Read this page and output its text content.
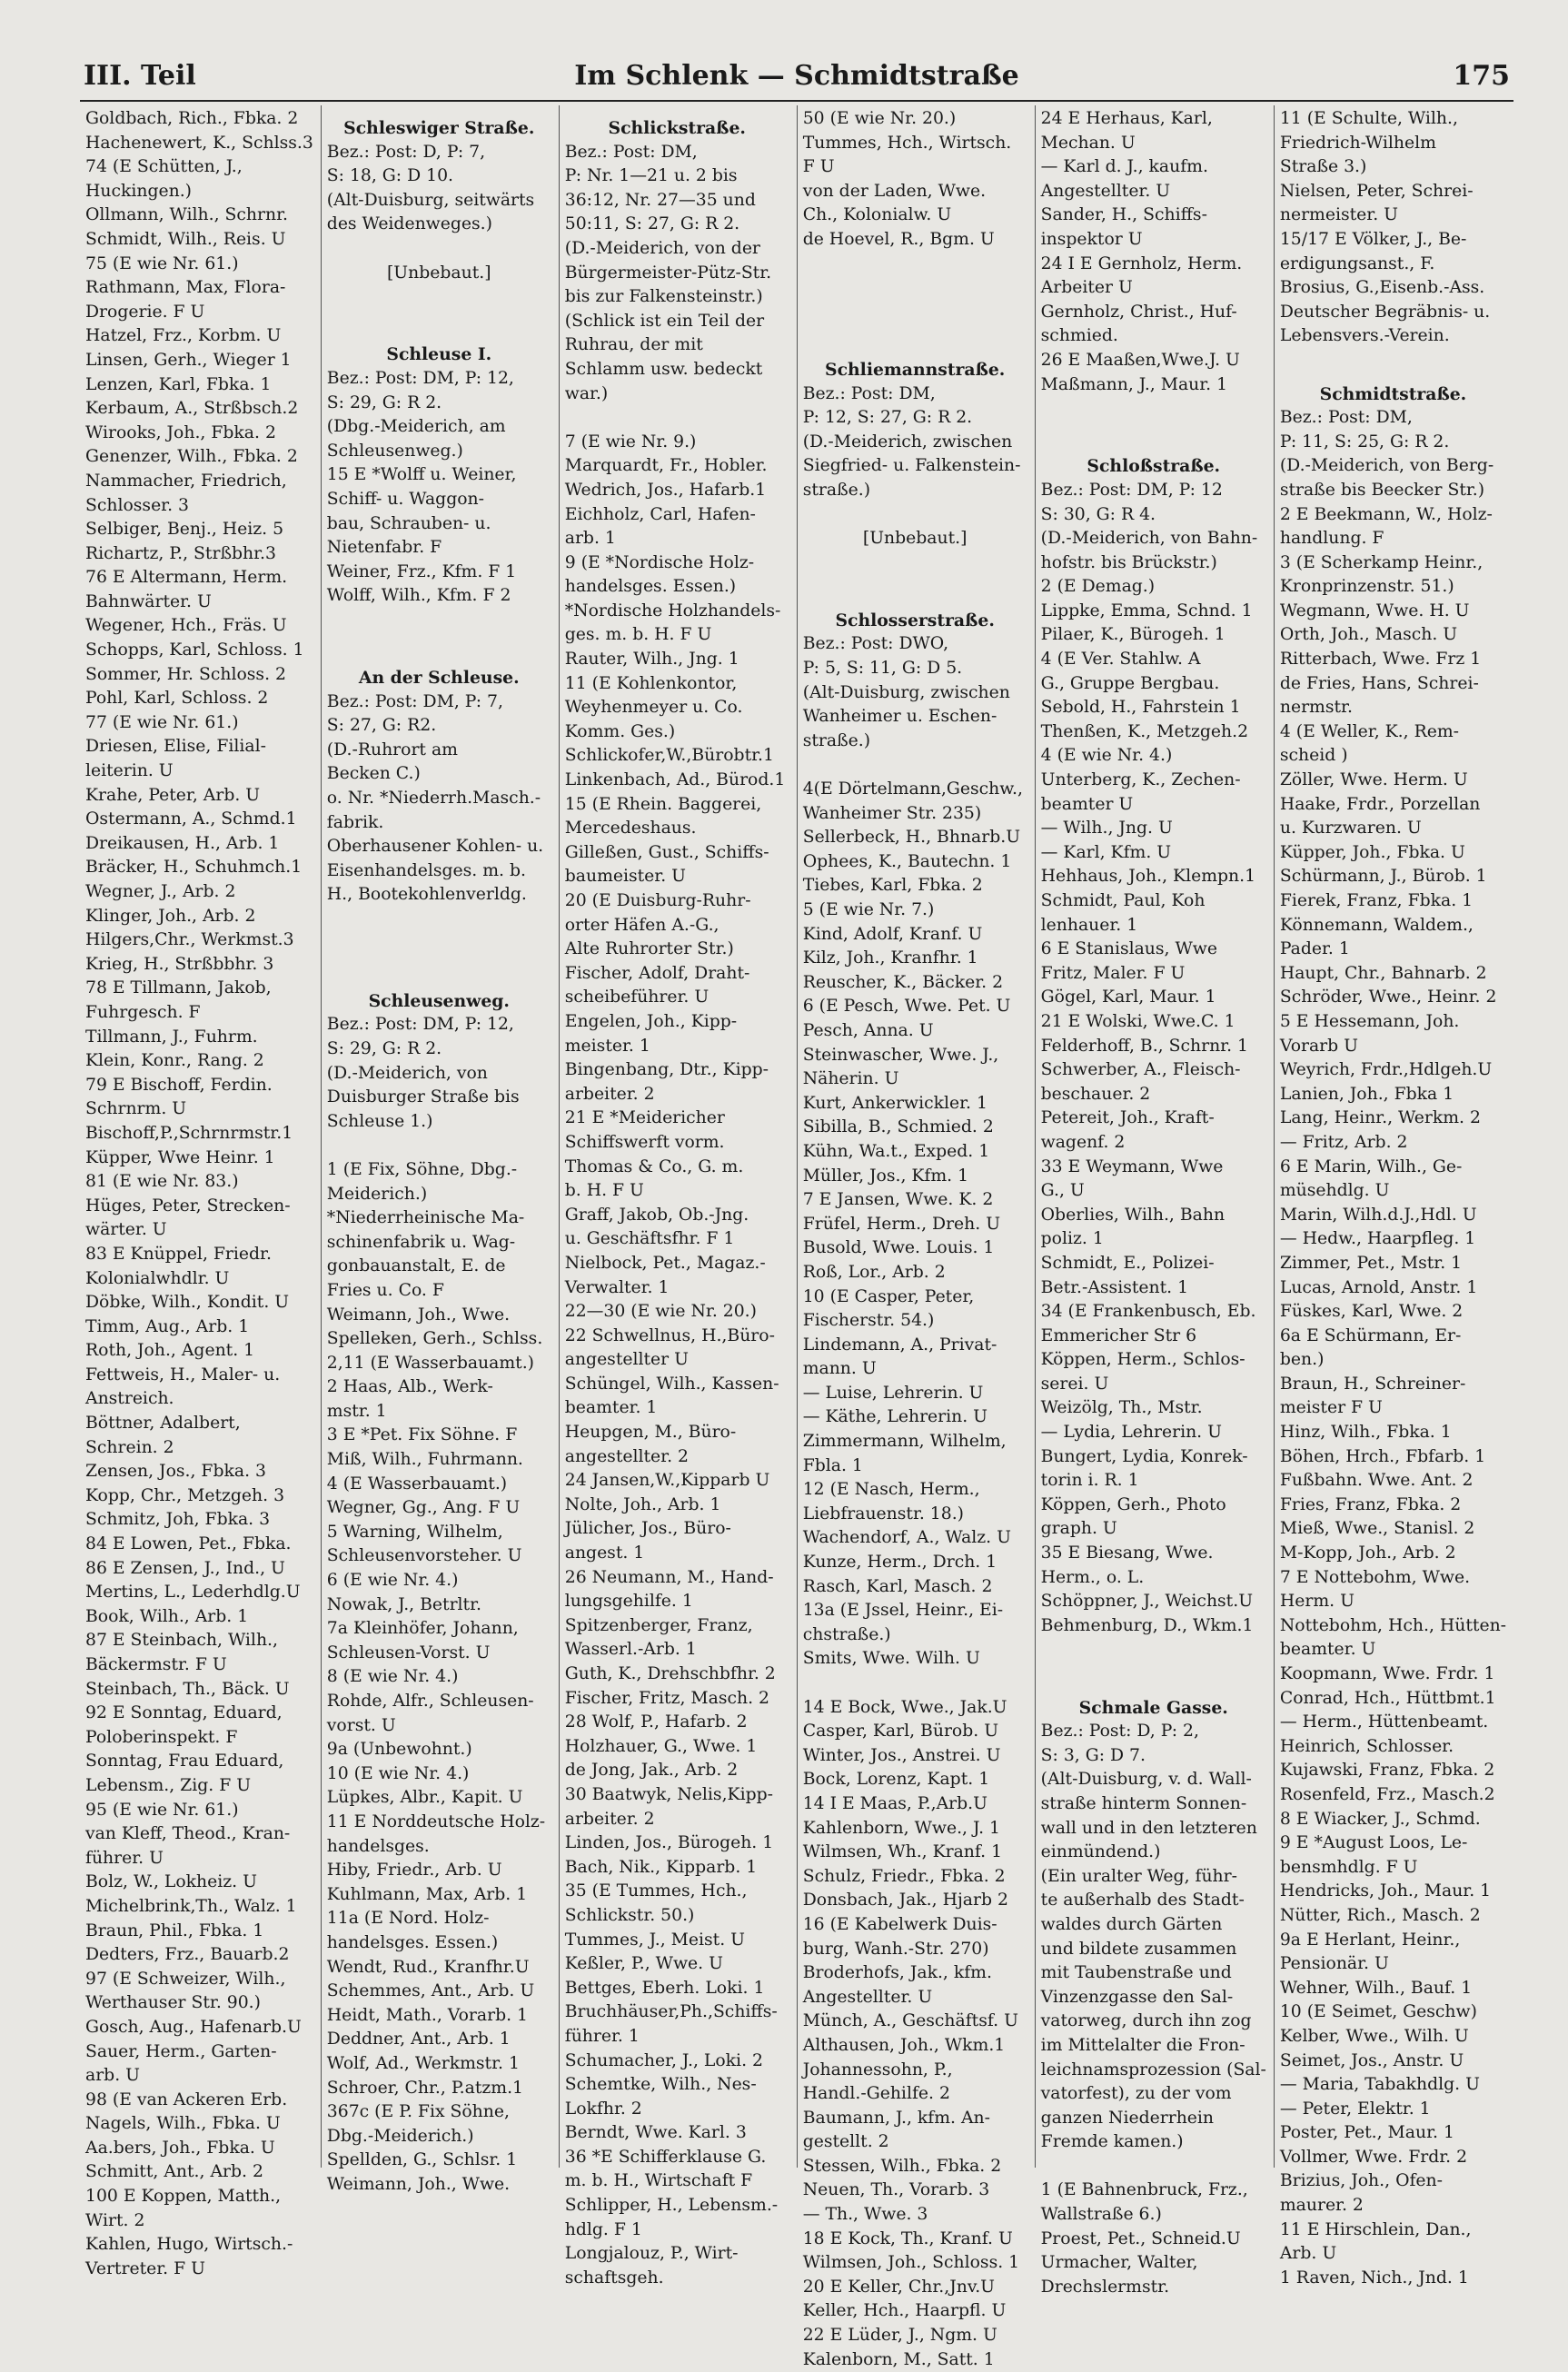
III. Teil	Im Schlenk — Schmidtstraße	175

Goldbach, Rich., Fbka. 2

Hachenewert, K., Schlss.3

74 (E Schütten, J.,

Huckingen.)

Ollmann, Wilh., Schrnr.

Schmidt, Wilh., Reis. U

75 (E wie Nr. 61.)

Rathmann, Max, Flora-

Drogerie. F U

Hatzel, Frz., Korbm. U

Linsen, Gerh., Wieger 1

Lenzen, Karl, Fbka. 1

Kerbaum, A., Strßbsch.2

Wirooks, Joh., Fbka. 2

Genenzer, Wilh., Fbka. 2

Nammacher, Friedrich,

Schlosser. 3

Selbiger, Benj., Heiz. 5

Richartz, P., Strßbhr.3

76 E Altermann, Herm.

Bahnwärter. U

Wegener, Hch., Fräs. U

Schopps, Karl, Schloss. 1

Sommer, Hr. Schloss. 2

Pohl, Karl, Schloss. 2

77 (E wie Nr. 61.)

Driesen, Elise, Filial-

leiterin. U

Krahe, Peter, Arb. U

Ostermann, A., Schmd.1

Dreikausen, H., Arb. 1

Bräcker, H., Schuhmch.1

Wegner, J., Arb. 2

Klinger, Joh., Arb. 2

Hilgers,Chr., Werkmst.3

Krieg, H., Strßbbhr. 3

78 E Tillmann, Jakob,

Fuhrgesch. F

Tillmann, J., Fuhrm.

Klein, Konr., Rang. 2

79 E Bischoff, Ferdin.

Schrnrm. U

Bischoff,P.,Schrnrmstr.1

Küpper, Wwe Heinr. 1

81 (E wie Nr. 83.)

Hüges, Peter, Strecken-

wärter. U

83 E Knüppel, Friedr.

Kolonialwhdlr. U

Döbke, Wilh., Kondit. U

Timm, Aug., Arb. 1

Roth, Joh., Agent. 1

Fettweis, H., Maler- u.

Anstreich.

Böttner, Adalbert,

Schrein. 2

Zensen, Jos., Fbka. 3

Kopp, Chr., Metzgeh. 3

Schmitz, Joh, Fbka. 3

84 E Lowen, Pet., Fbka.

86 E Zensen, J., Ind., U

Mertins, L., Lederhdlg.U

Book, Wilh., Arb. 1

87 E Steinbach, Wilh.,

Bäckermstr. F U

Steinbach, Th., Bäck. U

92 E Sonntag, Eduard,

Poloberinspekt. F

Sonntag, Frau Eduard,

Lebensm., Zig. F U

95 (E wie Nr. 61.)

van Kleff, Theod., Kran-

führer. U

Bolz, W., Lokheiz. U

Michelbrink,Th., Walz. 1

Braun, Phil., Fbka. 1

Dedters, Frz., Bauarb.2

97 (E Schweizer, Wilh.,

Werthauser Str. 90.)

Gosch, Aug., Hafenarb.U

Sauer, Herm., Garten-

arb. U

98 (E van Ackeren Erb.

Nagels, Wilh., Fbka. U

Aa.bers, Joh., Fbka. U

Schmitt, Ant., Arb. 2

100 E Koppen, Matth.,

Wirt. 2

Kahlen, Hugo, Wirtsch.-

Vertreter. F U

Schleswiger Straße.

Bez.: Post: D, P: 7,

S: 18, G: D 10.

(Alt-Duisburg, seitwärts

des Weidenweges.)

[Unbebaut.]

Schleuse I.

Bez.: Post: DM, P: 12,

S: 29, G: R 2.

(Dbg.-Meiderich, am

Schleusenweg.)

15 E *Wolff u. Weiner,

Schiff- u. Waggon-

bau, Schrauben- u.

Nietenfabr. F

Weiner, Frz., Kfm. F 1

Wolff, Wilh., Kfm. F 2

An der Schleuse.

Bez.: Post: DM, P: 7,

S: 27, G: R2.

(D.-Ruhrort am

Becken C.)

o. Nr. *Niederrh.Masch.-

fabrik.

Oberhausener Kohlen- u.

Eisenhandelsges. m. b.

H., Bootekohlenverldg.

Schleusenweg.

Bez.: Post: DM, P: 12,

S: 29, G: R 2.

(D.-Meiderich, von

Duisburger Straße bis

Schleuse 1.)

1 (E Fix, Söhne, Dbg.-

Meiderich.)

*Niederrheinische Ma-

schinenfabrik u. Wag-

gonbauanstalt, E. de

Fries u. Co. F

Weimann, Joh., Wwe.

Spelleken, Gerh., Schlss.

2,11 (E Wasserbauamt.)

2 Haas, Alb., Werk-

mstr. 1

3 E *Pet. Fix Söhne. F

Miß, Wilh., Fuhrmann.

4 (E Wasserbauamt.)

Wegner, Gg., Ang. F U

5 Warning, Wilhelm,

Schleusenvorsteher. U

6 (E wie Nr. 4.)

Nowak, J., Betrltr.

7a Kleinhöfer, Johann,

Schleusen-Vorst. U

8 (E wie Nr. 4.)

Rohde, Alfr., Schleusen-

vorst. U

9a (Unbewohnt.)

10 (E wie Nr. 4.)

Lüpkes, Albr., Kapit. U

11 E Norddeutsche Holz-

handelsges.

Hiby, Friedr., Arb. U

Kuhlmann, Max, Arb. 1

11a (E Nord. Holz-

handelsges. Essen.)

Wendt, Rud., Kranfhr.U

Schemmes, Ant., Arb. U

Heidt, Math., Vorarb. 1

Deddner, Ant., Arb. 1

Wolf, Ad., Werkmstr. 1

Schroer, Chr., P.atzm.1

367c (E P. Fix Söhne,

Dbg.-Meiderich.)

Spellden, G., Schlsr. 1

Weimann, Joh., Wwe.

Schlickstraße.

Bez.: Post: DM,

P: Nr. 1—21 u. 2 bis

36:12, Nr. 27—35 und

50:11, S: 27, G: R 2.

(D.-Meiderich, von der

Bürgermeister-Pütz-Str.

bis zur Falkensteinstr.)

(Schlick ist ein Teil der

Ruhrau, der mit

Schlamm usw. bedeckt

war.)

7 (E wie Nr. 9.)

Marquardt, Fr., Hobler.

Wedrich, Jos., Hafarb.1

Eichholz, Carl, Hafen-

arb. 1

9 (E *Nordische Holz-

handelsges. Essen.)

*Nordische Holzhandels-

ges. m. b. H. F U

Rauter, Wilh., Jng. 1

11 (E Kohlenkontor,

Weyhenmeyer u. Co.

Komm. Ges.)

Schlickofer,W.,Bürobtr.1

Linkenbach, Ad., Bürod.1

15 (E Rhein. Baggerei,

Mercedeshaus.

Gilleßen, Gust., Schiffs-

baumeister. U

20 (E Duisburg-Ruhr-

orter Häfen A.-G.,

Alte Ruhrorter Str.)

Fischer, Adolf, Draht-

scheibeführer. U

Engelen, Joh., Kipp-

meister. 1

Bingenbang, Dtr., Kipp-

arbeiter. 2

21 E *Meidericher

Schiffswerft vorm.

Thomas & Co., G. m.

b. H. F U

Graff, Jakob, Ob.-Jng.

u. Geschäftsfhr. F 1

Nielbock, Pet., Magaz.-

Verwalter. 1

22—30 (E wie Nr. 20.)

22 Schwellnus, H.,Büro-

angestellter U

Schüngel, Wilh., Kassen-

beamter. 1

Heupgen, M., Büro-

angestellter. 2

24 Jansen,W.,Kipparb U

Nolte, Joh., Arb. 1

Jülicher, Jos., Büro-

angest. 1

26 Neumann, M., Hand-

lungsgehilfe. 1

Spitzenberger, Franz,

Wasserl.-Arb. 1

Guth, K., Drehschbfhr. 2

Fischer, Fritz, Masch. 2

28 Wolf, P., Hafarb. 2

Holzhauer, G., Wwe. 1

de Jong, Jak., Arb. 2

30 Baatwyk, Nelis,Kipp-

arbeiter. 2

Linden, Jos., Bürogeh. 1

Bach, Nik., Kipparb. 1

35 (E Tummes, Hch.,

Schlickstr. 50.)

Tummes, J., Meist. U

Keßler, P., Wwe. U

Bettges, Eberh. Loki. 1

Bruchhäuser,Ph.,Schiffs-

führer. 1

Schumacher, J., Loki. 2

Schemtke, Wilh., Nes-

Lokfhr. 2

Berndt, Wwe. Karl. 3

36 *E Schifferklause G.

m. b. H., Wirtschaft F

Schlipper, H., Lebensm.-

hdlg. F 1

Longjalouz, P., Wirt-

schaftsgeh.

50 (E wie Nr. 20.)

Tummes, Hch., Wirtsch.

F U

von der Laden, Wwe.

Ch., Kolonialw. U

de Hoevel, R., Bgm. U

Schliemannstraße.

Bez.: Post: DM,

P: 12, S: 27, G: R 2.

(D.-Meiderich, zwischen

Siegfried- u. Falkenstein-

straße.)

[Unbebaut.]

Schlosserstraße.

Bez.: Post: DWO,

P: 5, S: 11, G: D 5.

(Alt-Duisburg, zwischen

Wanheimer u. Eschen-

straße.)

4(E Dörtelmann,Geschw.,

Wanheimer Str. 235)

Sellerbeck, H., Bhnarb.U

Ophees, K., Bautechn. 1

Tiebes, Karl, Fbka. 2

5 (E wie Nr. 7.)

Kind, Adolf, Kranf. U

Kilz, Joh., Kranfhr. 1

Reuscher, K., Bäcker. 2

6 (E Pesch, Wwe. Pet. U

Pesch, Anna. U

Steinwascher, Wwe. J.,

Näherin. U

Kurt, Ankerwickler. 1

Sibilla, B., Schmied. 2

Kühn, Wa.t., Exped. 1

Müller, Jos., Kfm. 1

7 E Jansen, Wwe. K. 2

Früfel, Herm., Dreh. U

Busold, Wwe. Louis. 1

Roß, Lor., Arb. 2

10 (E Casper, Peter,

Fischerstr. 54.)

Lindemann, A., Privat-

mann. U

— Luise, Lehrerin. U

— Käthe, Lehrerin. U

Zimmermann, Wilhelm,

Fbla. 1

12 (E Nasch, Herm.,

Liebfrauenstr. 18.)

Wachendorf, A., Walz. U

Kunze, Herm., Drch. 1

Rasch, Karl, Masch. 2

13a (E Jssel, Heinr., Ei-

chstraße.)

Smits, Wwe. Wilh. U

14 E Bock, Wwe., Jak.U

Casper, Karl, Bürob. U

Winter, Jos., Anstrei. U

Bock, Lorenz, Kapt. 1

14 I E Maas, P.,Arb.U

Kahlenborn, Wwe., J. 1

Wilmsen, Wh., Kranf. 1

Schulz, Friedr., Fbka. 2

Donsbach, Jak., Hjarb 2

16 (E Kabelwerk Duis-

burg, Wanh.-Str. 270)

Broderhofs, Jak., kfm.

Angestellter. U

Münch, A., Geschäftsf. U

Althausen, Joh., Wkm.1

Johannessohn, P.,

Handl.-Gehilfe. 2

Baumann, J., kfm. An-

gestellt. 2

Stessen, Wilh., Fbka. 2

Neuen, Th., Vorarb. 3

— Th., Wwe. 3

18 E Kock, Th., Kranf. U

Wilmsen, Joh., Schloss. 1

20 E Keller, Chr.,Jnv.U

Keller, Hch., Haarpfl. U

22 E Lüder, J., Ngm. U

Kalenborn, M., Satt. 1

24 E Herhaus, Karl,

Mechan. U

— Karl d. J., kaufm.

Angestellter. U

Sander, H., Schiffs-

inspektor U

24 I E Gernholz, Herm.

Arbeiter U

Gernholz, Christ., Huf-

schmied.

26 E Maaßen,Wwe.J. U

Maßmann, J., Maur. 1

Schloßstraße.

Bez.: Post: DM, P: 12

S: 30, G: R 4.

(D.-Meiderich, von Bahn-

hofstr. bis Brückstr.)

2 (E Demag.)

Lippke, Emma, Schnd. 1

Pilaer, K., Bürogeh. 1

4 (E Ver. Stahlw. A

G., Gruppe Bergbau.

Sebold, H., Fahrstein 1

Thenßen, K., Metzgeh.2

4 (E wie Nr. 4.)

Unterberg, K., Zechen-

beamter U

— Wilh., Jng. U

— Karl, Kfm. U

Hehhaus, Joh., Klempn.1

Schmidt, Paul, Koh

lenhauer. 1

6 E Stanislaus, Wwe

Fritz, Maler. F U

Gögel, Karl, Maur. 1

21 E Wolski, Wwe.C. 1

Felderhoff, B., Schrnr. 1

Schwerber, A., Fleisch-

beschauer. 2

Petereit, Joh., Kraft-

wagenf. 2

33 E Weymann, Wwe

G., U

Oberlies, Wilh., Bahn

poliz. 1

Schmidt, E., Polizei-

Betr.-Assistent. 1

34 (E Frankenbusch, Eb.

Emmericher Str 6

Köppen, Herm., Schlos-

serei. U

Weizölg, Th., Mstr.

— Lydia, Lehrerin. U

Bungert, Lydia, Konrek-

torin i. R. 1

Köppen, Gerh., Photo

graph. U

35 E Biesang, Wwe.

Herm., o. L.

Schöppner, J., Weichst.U

Behmenburg, D., Wkm.1

Schmale Gasse.

Bez.: Post: D, P: 2,

S: 3, G: D 7.

(Alt-Duisburg, v. d. Wall-

straße hinterm Sonnen-

wall und in den letzteren

einmündend.)

(Ein uralter Weg, führ-

te außerhalb des Stadt-

waldes durch Gärten

und bildete zusammen

mit Taubenstraße und

Vinzenzgasse den Sal-

vatorweg, durch ihn zog

im Mittelalter die Fron-

leichnamsprozession (Sal-

vatorfest), zu der vom

ganzen Niederrhein

Fremde kamen.)

1 (E Bahnenbruck, Frz.,

Wallstraße 6.)

Proest, Pet., Schneid.U

Urmacher, Walter,

Drechslermstr.

11 (E Schulte, Wilh.,

Friedrich-Wilhelm

Straße 3.)

Nielsen, Peter, Schrei-

nermeister. U

15/17 E Völker, J., Be-

erdigungsanst., F.

Brosius, G.,Eisenb.-Ass.

Deutscher Begräbnis- u.

Lebensvers.-Verein.

Schmidtstraße.

Bez.: Post: DM,

P: 11, S: 25, G: R 2.

(D.-Meiderich, von Berg-

straße bis Beecker Str.)

2 E Beekmann, W., Holz-

handlung. F

3 (E Scherkamp Heinr.,

Kronprinzenstr. 51.)

Wegmann, Wwe. H. U

Orth, Joh., Masch. U

Ritterbach, Wwe. Frz 1

de Fries, Hans, Schrei-

nermstr.

4 (E Weller, K., Rem-

scheid )

Zöller, Wwe. Herm. U

Haake, Frdr., Porzellan

u. Kurzwaren. U

Küpper, Joh., Fbka. U

Schürmann, J., Bürob. 1

Fierek, Franz, Fbka. 1

Könnemann, Waldem.,

Pader. 1

Haupt, Chr., Bahnarb. 2

Schröder, Wwe., Heinr. 2

5 E Hessemann, Joh.

Vorarb U

Weyrich, Frdr.,Hdlgeh.U

Lanien, Joh., Fbka 1

Lang, Heinr., Werkm. 2

— Fritz, Arb. 2

6 E Marin, Wilh., Ge-

müsehdlg. U

Marin, Wilh.d.J.,Hdl. U

— Hedw., Haarpfleg. 1

Zimmer, Pet., Mstr. 1

Lucas, Arnold, Anstr. 1

Füskes, Karl, Wwe. 2

6a E Schürmann, Er-

ben.)

Braun, H., Schreiner-

meister F U

Hinz, Wilh., Fbka. 1

Böhen, Hrch., Fbfarb. 1

Fußbahn. Wwe. Ant. 2

Fries, Franz, Fbka. 2

Mieß, Wwe., Stanisl. 2

M-Kopp, Joh., Arb. 2

7 E Nottebohm, Wwe.

Herm. U

Nottebohm, Hch., Hütten-

beamter. U

Koopmann, Wwe. Frdr. 1

Conrad, Hch., Hüttbmt.1

— Herm., Hüttenbeamt.

Heinrich, Schlosser.

Kujawski, Franz, Fbka. 2

Rosenfeld, Frz., Masch.2

8 E Wiacker, J., Schmd.

9 E *August Loos, Le-

bensmhdlg. F U

Hendricks, Joh., Maur. 1

Nütter, Rich., Masch. 2

9a E Herlant, Heinr.,

Pensionär. U

Wehner, Wilh., Bauf. 1

10 (E Seimet, Geschw)

Kelber, Wwe., Wilh. U

Seimet, Jos., Anstr. U

— Maria, Tabakhdlg. U

— Peter, Elektr. 1

Poster, Pet., Maur. 1

Vollmer, Wwe. Frdr. 2

Brizius, Joh., Ofen-

maurer. 2

11 E Hirschlein, Dan.,

Arb. U

1 Raven, Nich., Jnd. 1
